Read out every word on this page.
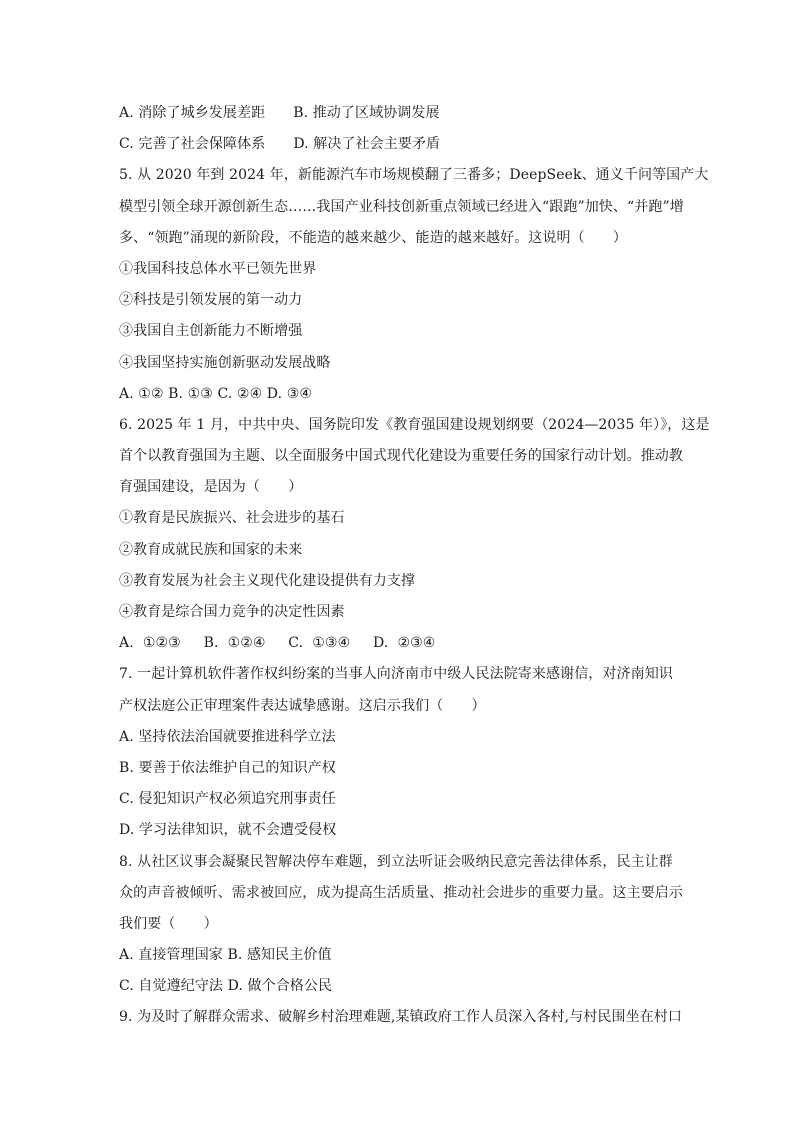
A. 消除了城乡发展差距 B. 推动了区域协调发展
C. 完善了社会保障体系 D. 解决了社会主要矛盾
5. 从 2020 年到 2024 年，新能源汽车市场规模翻了三番多；DeepSeek、通义千问等国产大
模型引领全球开源创新生态……我国产业科技创新重点领域已经进入“跟跑”加快、“并跑”增
多、“领跑”涌现的新阶段，不能造的越来越少、能造的越来越好。这说明（　　）
①我国科技总体水平已领先世界
②科技是引领发展的第一动力
③我国自主创新能力不断增强
④我国坚持实施创新驱动发展战略
A. ①② B. ①③ C. ②④ D. ③④
6. 2025 年 1 月，中共中央、国务院印发《教育强国建设规划纲要（2024—2035 年）》，这是
首个以教育强国为主题、以全面服务中国式现代化建设为重要任务的国家行动计划。推动教
育强国建设，是因为（　　）
①教育是民族振兴、社会进步的基石
②教育成就民族和国家的未来
③教育发展为社会主义现代化建设提供有力支撑
④教育是综合国力竞争的决定性因素
A.  ①②③     B.  ①②④     C.  ①③④     D.  ②③④
7. 一起计算机软件著作权纠纷案的当事人向济南市中级人民法院寄来感谢信，对济南知识
产权法庭公正审理案件表达诚挚感谢。这启示我们（　　）
A. 坚持依法治国就要推进科学立法
B. 要善于依法维护自己的知识产权
C. 侵犯知识产权必须追究刑事责任
D. 学习法律知识，就不会遭受侵权
8. 从社区议事会凝聚民智解决停车难题，到立法听证会吸纳民意完善法律体系，民主让群
众的声音被倾听、需求被回应，成为提高生活质量、推动社会进步的重要力量。这主要启示
我们要（　　）
A. 直接管理国家 B. 感知民主价值
C. 自觉遵纪守法 D. 做个合格公民
9. 为及时了解群众需求、破解乡村治理难题,某镇政府工作人员深入各村,与村民围坐在村口
